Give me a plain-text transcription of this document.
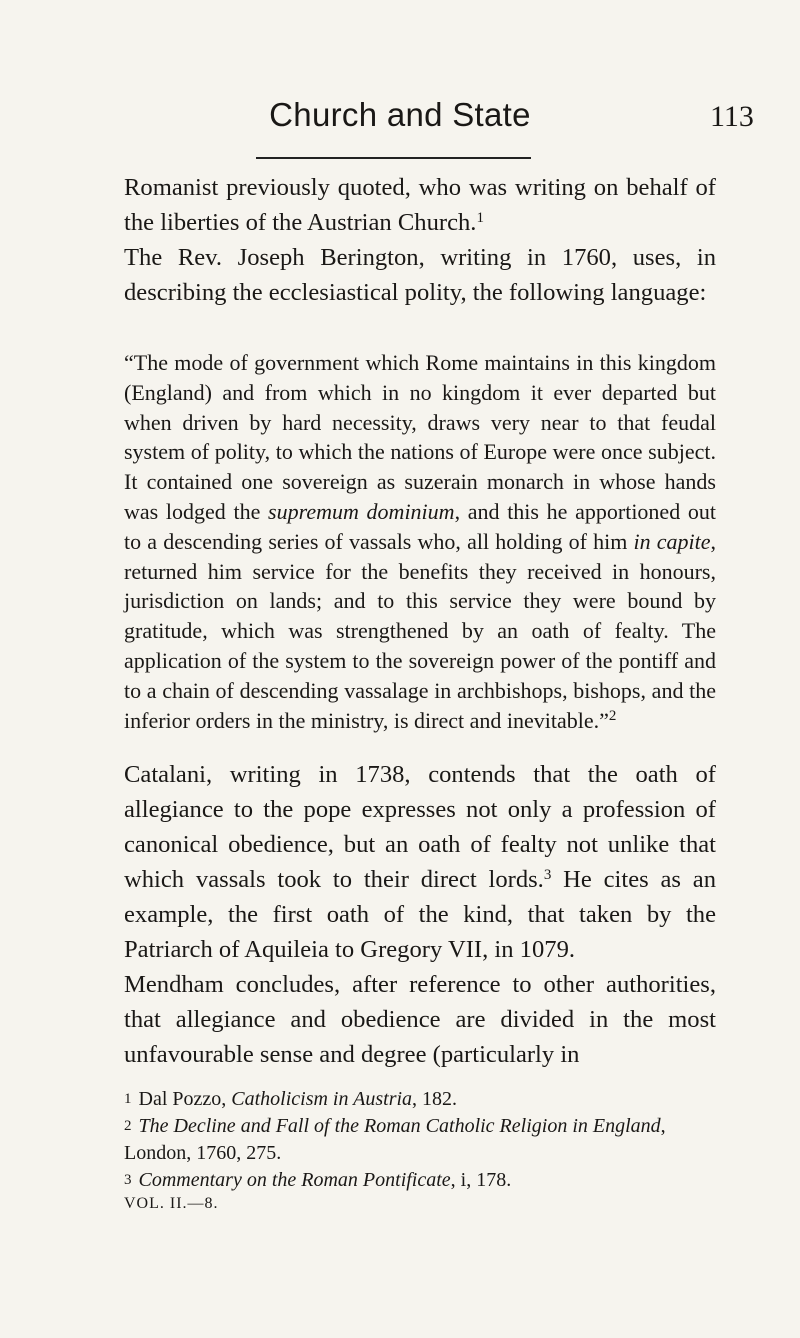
Church and State	113

Romanist previously quoted, who was writing on behalf of the liberties of the Austrian Church.$^1$

The Rev. Joseph Berington, writing in 1760, uses, in describing the ecclesiastical polity, the following language:

“The mode of government which Rome maintains in this kingdom (England) and from which in no kingdom it ever departed but when driven by hard necessity, draws very near to that feudal system of polity, to which the nations of Europe were once subject. It contained one sovereign as suzerain monarch in whose hands was lodged the supremum dominium, and this he apportioned out to a descending series of vassals who, all holding of him in capite, returned him service for the benefits they received in honours, jurisdiction on lands; and to this service they were bound by gratitude, which was strengthened by an oath of fealty. The application of the system to the sovereign power of the pontiff and to a chain of descending vassalage in archbishops, bishops, and the inferior orders in the ministry, is direct and inevitable.”$^2$

Catalani, writing in 1738, contends that the oath of allegiance to the pope expresses not only a profession of canonical obedience, but an oath of fealty not unlike that which vassals took to their direct lords.$^3$ He cites as an example, the first oath of the kind, that taken by the Patriarch of Aquileia to Gregory VII, in 1079.

Mendham concludes, after reference to other authorities, that allegiance and obedience are divided in the most unfavourable sense and degree (particularly in

1 Dal Pozzo, Catholicism in Austria, 182.
2 The Decline and Fall of the Roman Catholic Religion in England, London, 1760, 275.
3 Commentary on the Roman Pontificate, i, 178.
VOL. II.—8.
